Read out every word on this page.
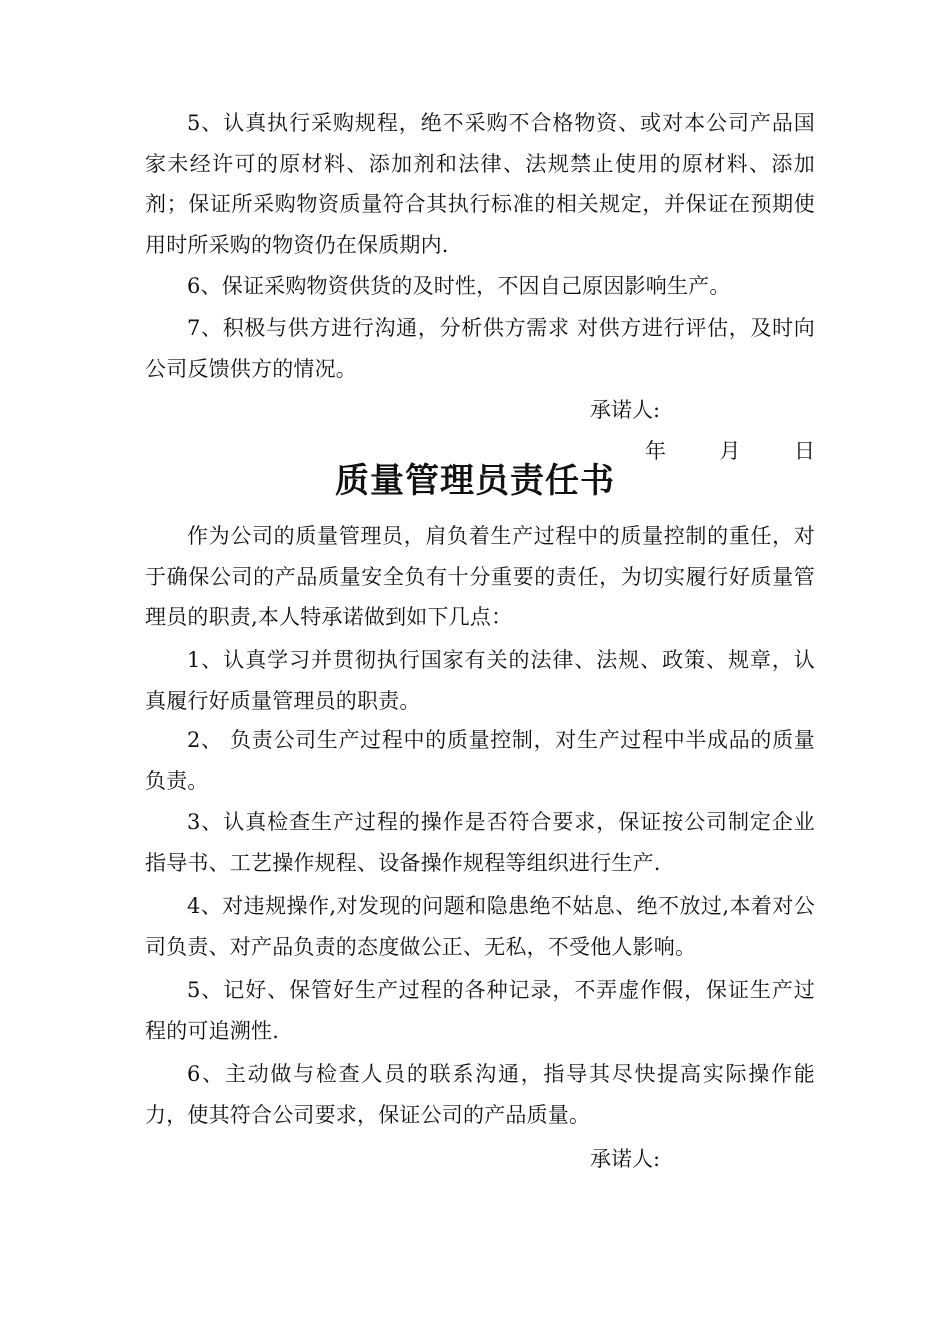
5、认真执行采购规程，绝不采购不合格物资、或对本公司产品国家未经许可的原材料、添加剂和法律、法规禁止使用的原材料、添加剂；保证所采购物资质量符合其执行标准的相关规定，并保证在预期使用时所采购的物资仍在保质期内.

6、保证采购物资供货的及时性，不因自己原因影响生产。

7、积极与供方进行沟通，分析供方需求 对供方进行评估，及时向公司反馈供方的情况。

承诺人:

年	月	日
质量管理员责任书

作为公司的质量管理员，肩负着生产过程中的质量控制的重任，对于确保公司的产品质量安全负有十分重要的责任，为切实履行好质量管理员的职责,本人特承诺做到如下几点：

1、认真学习并贯彻执行国家有关的法律、法规、政策、规章，认真履行好质量管理员的职责。

2、 负责公司生产过程中的质量控制，对生产过程中半成品的质量负责。

3、认真检查生产过程的操作是否符合要求，保证按公司制定企业指导书、工艺操作规程、设备操作规程等组织进行生产.

4、对违规操作,对发现的问题和隐患绝不姑息、绝不放过,本着对公司负责、对产品负责的态度做公正、无私，不受他人影响。

5、记好、保管好生产过程的各种记录，不弄虚作假，保证生产过程的可追溯性.

6、主动做与检查人员的联系沟通，指导其尽快提高实际操作能力，使其符合公司要求，保证公司的产品质量。

承诺人:
